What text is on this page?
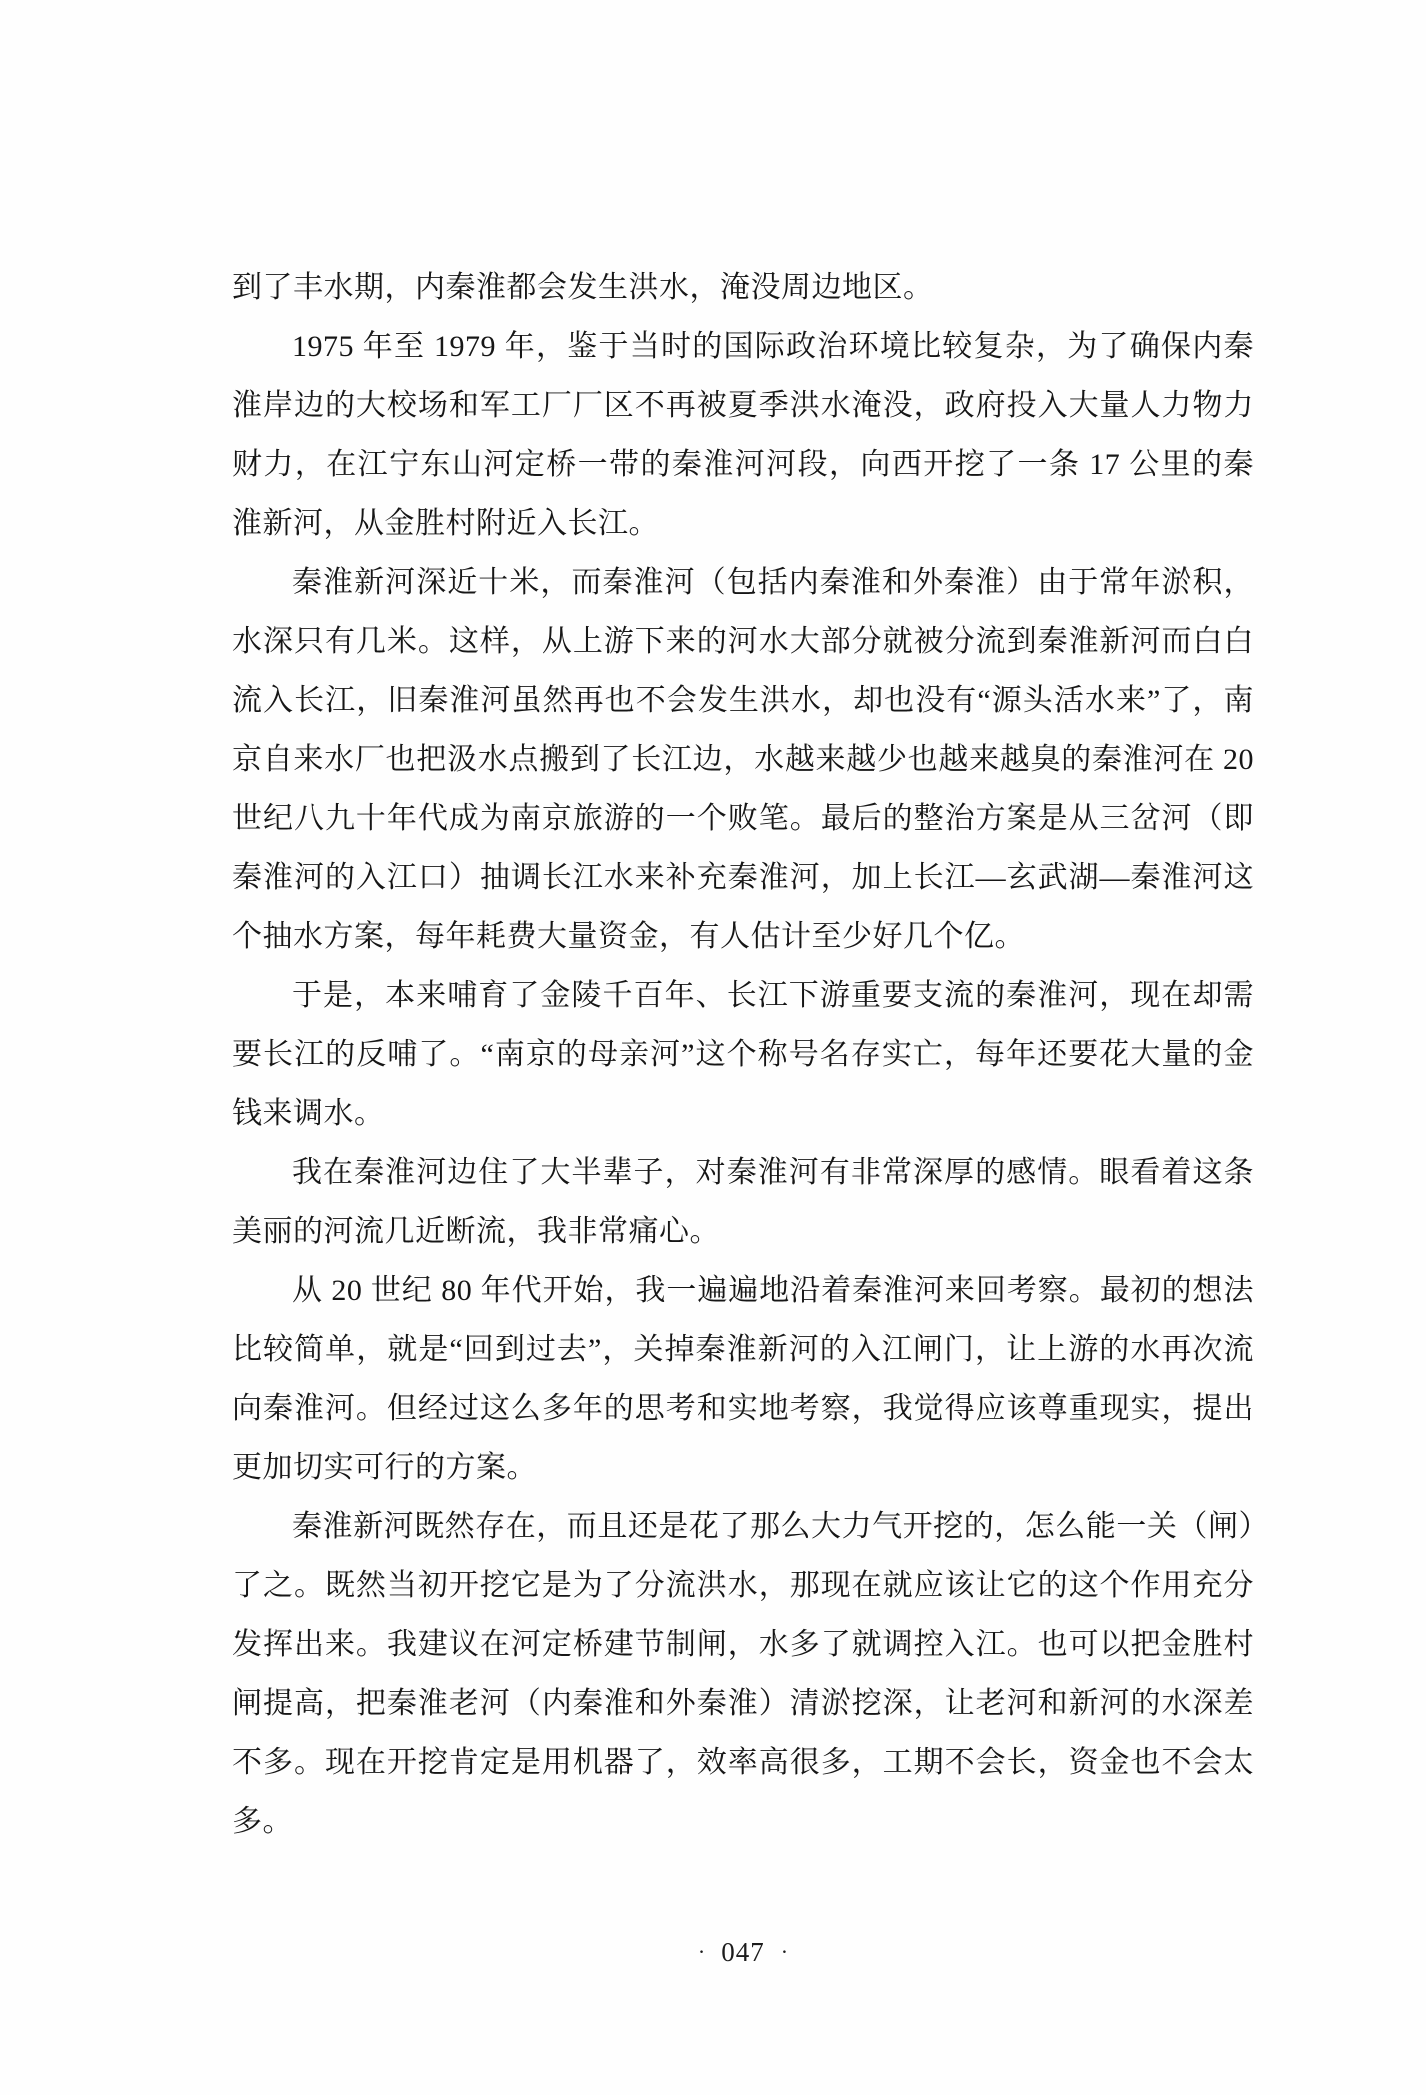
到了丰水期，内秦淮都会发生洪水，淹没周边地区。

1975 年至 1979 年，鉴于当时的国际政治环境比较复杂，为了确保内秦淮岸边的大校场和军工厂厂区不再被夏季洪水淹没，政府投入大量人力物力财力，在江宁东山河定桥一带的秦淮河河段，向西开挖了一条 17 公里的秦淮新河，从金胜村附近入长江。

秦淮新河深近十米，而秦淮河（包括内秦淮和外秦淮）由于常年淤积，水深只有几米。这样，从上游下来的河水大部分就被分流到秦淮新河而白白流入长江，旧秦淮河虽然再也不会发生洪水，却也没有“源头活水来”了，南京自来水厂也把汲水点搬到了长江边，水越来越少也越来越臭的秦淮河在 20 世纪八九十年代成为南京旅游的一个败笔。最后的整治方案是从三岔河（即秦淮河的入江口）抽调长江水来补充秦淮河，加上长江—玄武湖—秦淮河这个抽水方案，每年耗费大量资金，有人估计至少好几个亿。

于是，本来哺育了金陵千百年、长江下游重要支流的秦淮河，现在却需要长江的反哺了。“南京的母亲河”这个称号名存实亡，每年还要花大量的金钱来调水。

我在秦淮河边住了大半辈子，对秦淮河有非常深厚的感情。眼看着这条美丽的河流几近断流，我非常痛心。

从 20 世纪 80 年代开始，我一遍遍地沿着秦淮河来回考察。最初的想法比较简单，就是“回到过去”，关掉秦淮新河的入江闸门，让上游的水再次流向秦淮河。但经过这么多年的思考和实地考察，我觉得应该尊重现实，提出更加切实可行的方案。

秦淮新河既然存在，而且还是花了那么大力气开挖的，怎么能一关（闸）了之。既然当初开挖它是为了分流洪水，那现在就应该让它的这个作用充分发挥出来。我建议在河定桥建节制闸，水多了就调控入江。也可以把金胜村闸提高，把秦淮老河（内秦淮和外秦淮）清淤挖深，让老河和新河的水深差不多。现在开挖肯定是用机器了，效率高很多，工期不会长，资金也不会太多。

· 047 ·
